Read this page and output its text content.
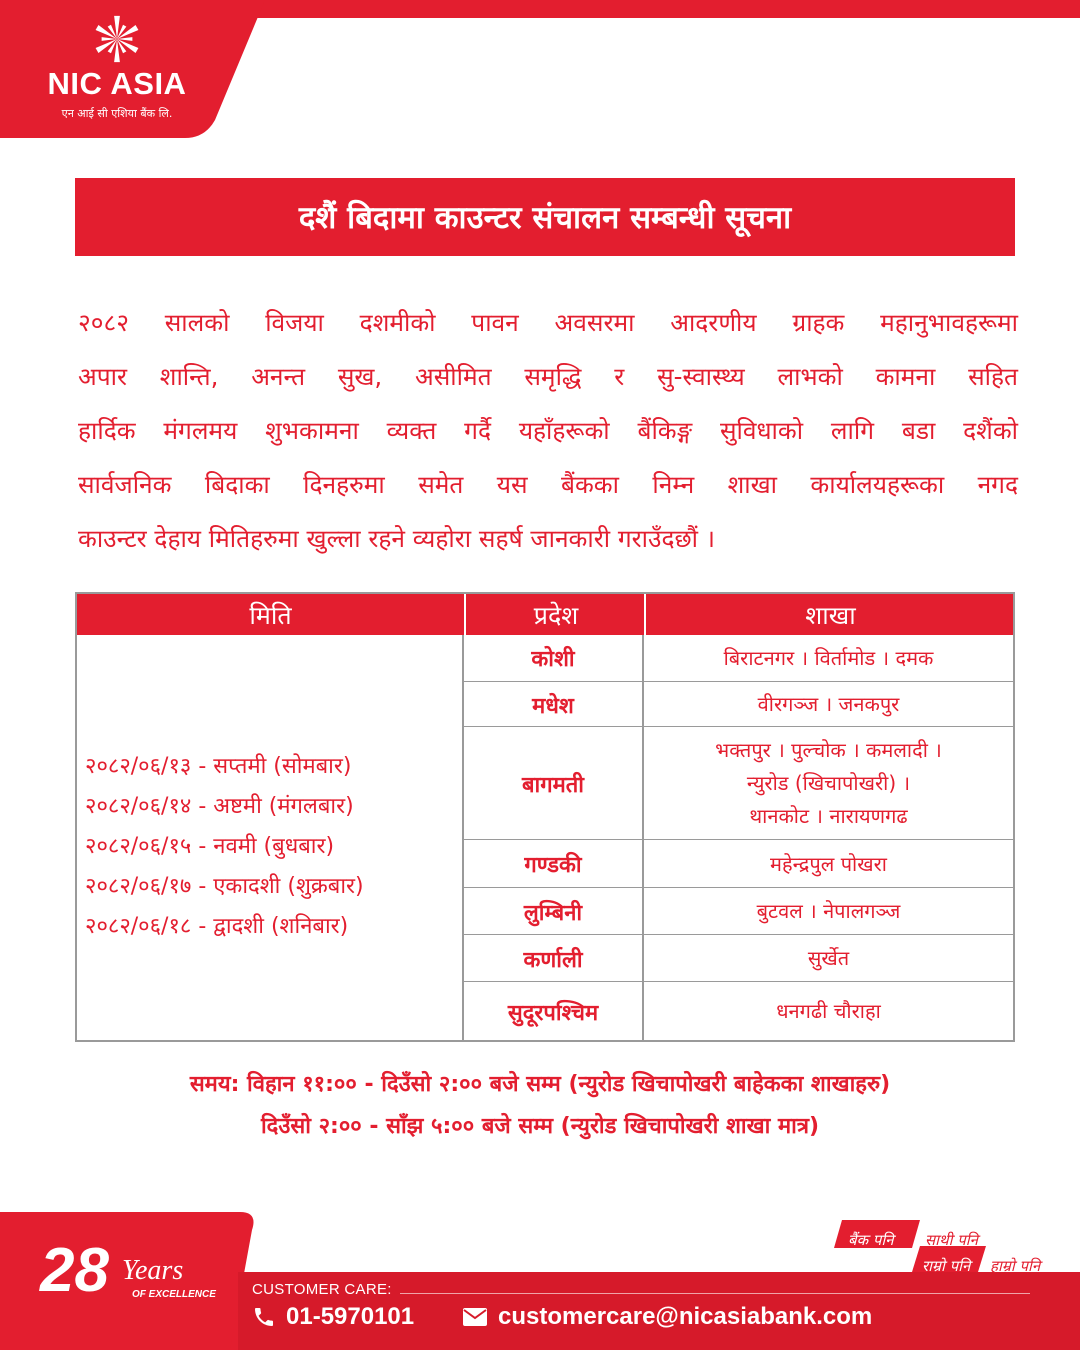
NIC ASIA
एन आई सी एशिया बैंक लि.
दशैं बिदामा काउन्टर संचालन सम्बन्धी सूचना
२०८२ सालको विजया दशमीको पावन अवसरमा आदरणीय ग्राहक महानुभावहरूमा
अपार शान्ति, अनन्त सुख, असीमित समृद्धि र सु-स्वास्थ्य लाभको कामना सहित
हार्दिक मंगलमय शुभकामना व्यक्त गर्दै यहाँहरूको बैंकिङ्ग सुविधाको लागि बडा दशैंको
सार्वजनिक बिदाका दिनहरुमा समेत यस बैंकका निम्न शाखा कार्यालयहरूका नगद
काउन्टर देहाय मितिहरुमा खुल्ला रहने व्यहोरा सहर्ष जानकारी गराउँदछौं ।
मिति	प्रदेश	शाखा
२०८२/०६/१३ - सप्तमी (सोमबार)
२०८२/०६/१४ - अष्टमी (मंगलबार)
२०८२/०६/१५ - नवमी (बुधबार)
२०८२/०६/१७ - एकादशी (शुक्रबार)
२०८२/०६/१८ - द्वादशी (शनिबार)
कोशी	बिराटनगर । विर्तामोड । दमक
मधेश	वीरगञ्ज । जनकपुर
बागमती
भक्तपुर । पुल्चोक । कमलादी ।
न्युरोड (खिचापोखरी) ।
थानकोट । नारायणगढ
गण्डकी	महेन्द्रपुल पोखरा
लुम्बिनी	बुटवल । नेपालगञ्ज
कर्णाली	सुर्खेत
सुदूरपश्चिम	धनगढी चौराहा
समय: विहान ११:०० - दिउँसो २:०० बजे सम्म (न्युरोड खिचापोखरी बाहेकका शाखाहरु)
दिउँसो २:०० - साँझ ५:०० बजे सम्म (न्युरोड खिचापोखरी शाखा मात्र)
28 Years
OF EXCELLENCE
बैंक पनि साथी पनि
राम्रो पनि हाम्रो पनि
CUSTOMER CARE:
01-5970101	customercare@nicasiabank.com
